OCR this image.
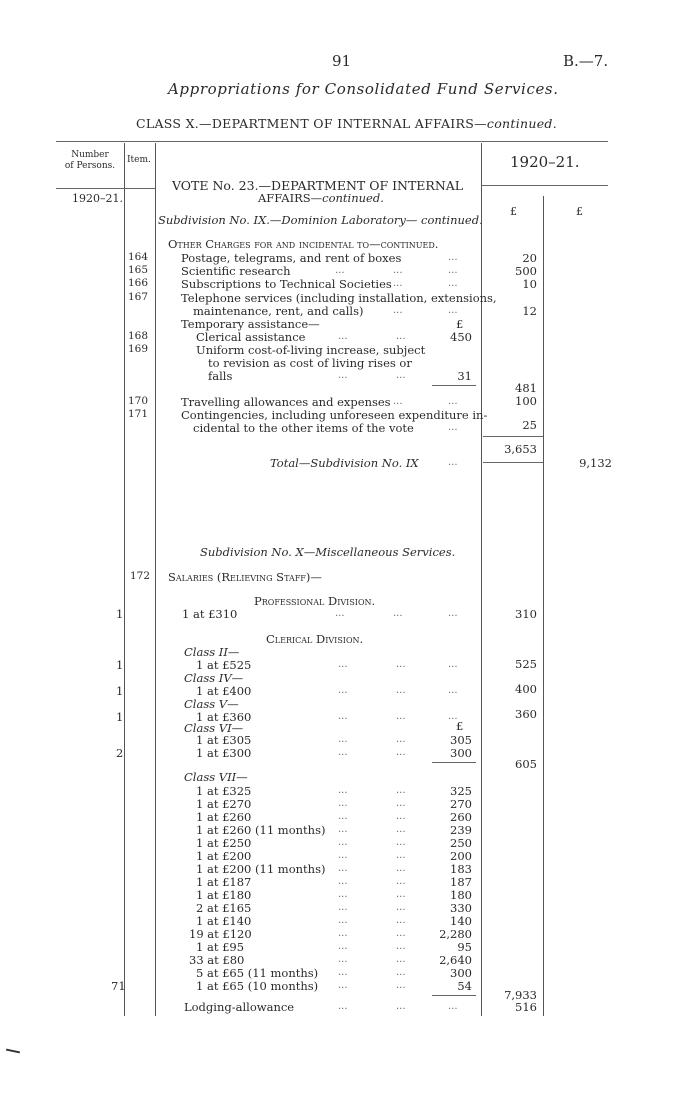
91	B.—7.
Appropriations for Consolidated Fund Services.
CLASS X.—DEPARTMENT OF INTERNAL AFFAIRS—continued.
Number
of Persons.
Item.
1920–21.
1920–21.
£	£
VOTE No. 23.—DEPARTMENT OF INTERNAL
AFFAIRS—continued.
Subdivision No. IX.—Dominion Laboratory— continued.
Other Charges for and incidental to—continued.
164	Postage, telegrams, and rent of boxes	...	20
165	Scientific research	...	...	...	500
166	Subscriptions to Technical Societies ...	...	10
167	Telephone services (including installation, extensions,
maintenance, rent, and calls)	...	...	12
Temporary assistance—	£
168	Clerical assistance	...	...	450
169	Uniform cost-of-living increase, subject
to revision as cost of living rises or
falls	...	...	31
481
170	Travelling allowances and expenses ...	...	100
171	Contingencies, including unforeseen expenditure in-
cidental to the other items of the vote	...	25
3,653
Total—Subdivision No. IX	...	9,132
Subdivision No. X—Miscellaneous Services.
172 Salaries (Relieving Staff)—
Professional Division.
1	1 at £310	...	...	...	310
Clerical Division.
Class II—
1	1 at £525	...	...	...	525
Class IV—
1	1 at £400	...	...	...	400
Class V—
1	1 at £360	...	...	...	360
Class VI—	£
1 at £305	...	...	305
2	1 at £300	...	...	300
605
Class VII—
1 at £325	...	...	325
1 at £270	...	...	270
1 at £260	...	...	260
1 at £260 (11 months) ...	...	239
1 at £250	...	...	250
1 at £200	...	...	200
1 at £200 (11 months) ...	...	183
1 at £187	...	...	187
1 at £180	...	...	180
2 at £165	...	...	330
1 at £140	...	...	140
19 at £120	...	...	2,280
1 at £95	...	...	95
33 at £80	...	...	2,640
5 at £65 (11 months) ...	...	300
71	1 at £65 (10 months) ...	...	54
7,933
Lodging-allowance	...	...	...	516
